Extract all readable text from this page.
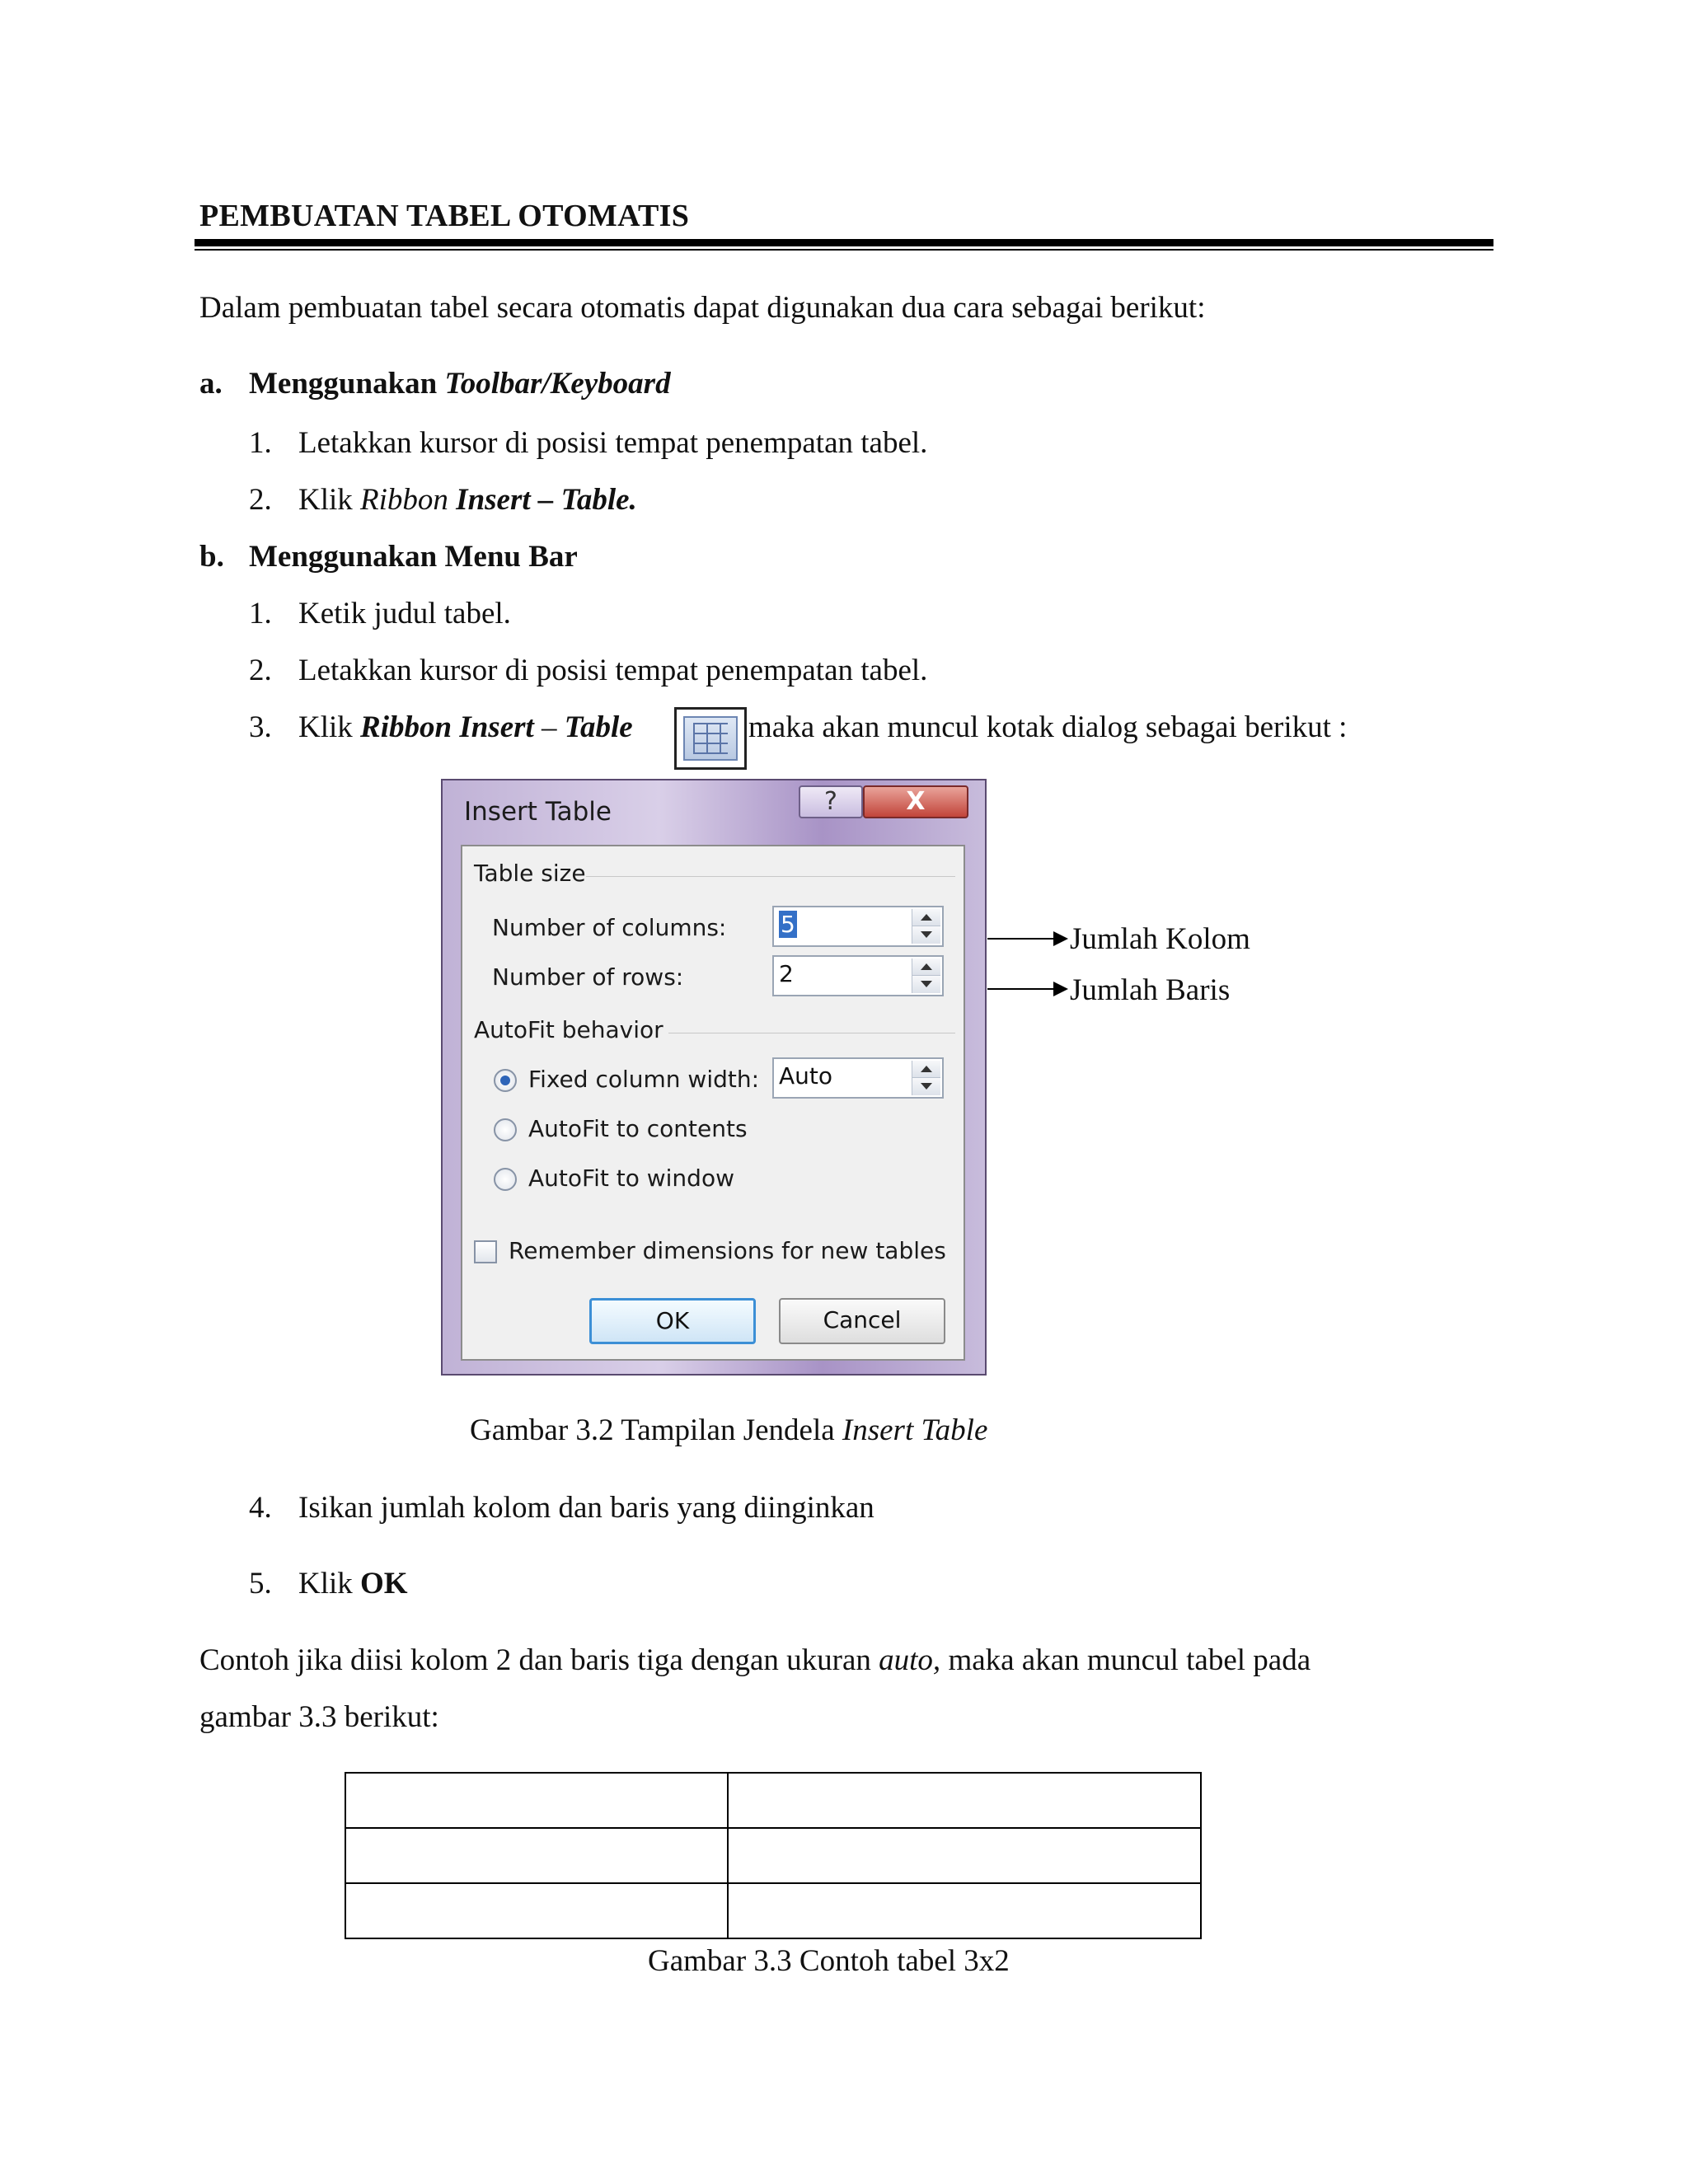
PEMBUATAN TABEL OTOMATIS
Dalam pembuatan tabel secara otomatis dapat digunakan dua cara sebagai berikut:
a. Menggunakan Toolbar/Keyboard
1. Letakkan kursor di posisi tempat penempatan tabel.
2. Klik Ribbon Insert – Table.
b. Menggunakan Menu Bar
1. Ketik judul tabel.
2. Letakkan kursor di posisi tempat penempatan tabel.
3. Klik Ribbon Insert – Table	maka akan muncul kotak dialog sebagai berikut :
Insert Table	?	X
Table size
Number of columns: 5
Number of rows:	2
AutoFit behavior
Fixed column width: Auto
AutoFit to contents
AutoFit to window
Remember dimensions for new tables
OK	Cancel
Jumlah Kolom
Jumlah Baris
Gambar 3.2 Tampilan Jendela Insert Table
4. Isikan jumlah kolom dan baris yang diinginkan
5. Klik OK
Contoh jika diisi kolom 2 dan baris tiga dengan ukuran auto, maka akan muncul tabel pada
gambar 3.3 berikut:

Gambar 3.3 Contoh tabel 3x2
